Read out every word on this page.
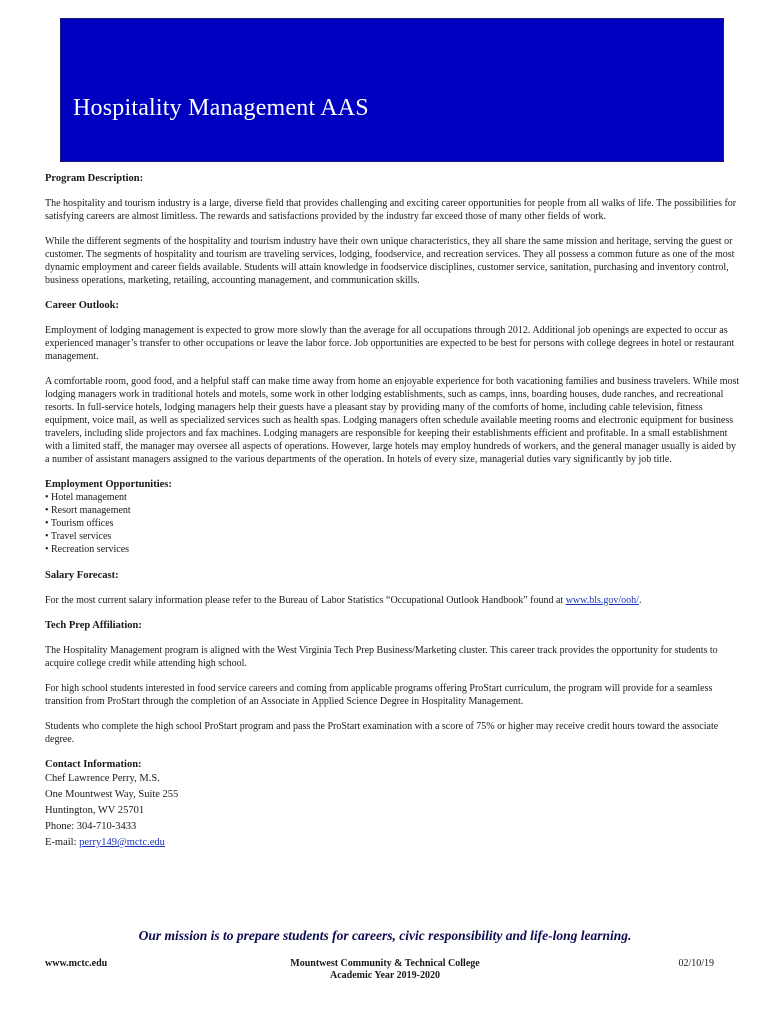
Hospitality Management AAS
Program Description:

The hospitality and tourism industry is a large, diverse field that provides challenging and exciting career opportunities for people from all walks of life. The possibilities for satisfying careers are almost limitless. The rewards and satisfactions provided by the industry far exceed those of many other fields of work.

While the different segments of the hospitality and tourism industry have their own unique characteristics, they all share the same mission and heritage, serving the guest or customer. The segments of hospitality and tourism are traveling services, lodging, foodservice, and recreation services. They all possess a common future as one of the most dynamic employment and career fields available. Students will attain knowledge in foodservice disciplines, customer service, sanitation, purchasing and inventory control, business operations, marketing, retailing, accounting management, and communication skills.

Career Outlook:

Employment of lodging management is expected to grow more slowly than the average for all occupations through 2012. Additional job openings are expected to occur as experienced manager’s transfer to other occupations or leave the labor force. Job opportunities are expected to be best for persons with college degrees in hotel or restaurant management.

A comfortable room, good food, and a helpful staff can make time away from home an enjoyable experience for both vacationing families and business travelers. While most lodging managers work in traditional hotels and motels, some work in other lodging establishments, such as camps, inns, boarding houses, dude ranches, and recreational resorts. In full-service hotels, lodging managers help their guests have a pleasant stay by providing many of the comforts of home, including cable television, fitness equipment, voice mail, as well as specialized services such as health spas. Lodging managers often schedule available meeting rooms and electronic equipment for business travelers, including slide projectors and fax machines. Lodging managers are responsible for keeping their establishments efficient and profitable. In a small establishment with a limited staff, the manager may oversee all aspects of operations. However, large hotels may employ hundreds of workers, and the general manager usually is aided by a number of assistant managers assigned to the various departments of the operation. In hotels of every size, managerial duties vary significantly by job title.

Employment Opportunities:
• Hotel management
• Resort management
• Tourism offices
• Travel services
• Recreation services
Salary Forecast:

For the most current salary information please refer to the Bureau of Labor Statistics “Occupational Outlook Handbook” found at www.bls.gov/ooh/.

Tech Prep Affiliation:

The Hospitality Management program is aligned with the West Virginia Tech Prep Business/Marketing cluster. This career track provides the opportunity for students to acquire college credit while attending high school.

For high school students interested in food service careers and coming from applicable programs offering ProStart curriculum, the program will provide for a seamless transition from ProStart through the completion of an Associate in Applied Science Degree in Hospitality Management.

Students who complete the high school ProStart program and pass the ProStart examination with a score of 75% or higher may receive credit hours toward the associate degree.

Contact Information:
Chef Lawrence Perry, M.S.
One Mountwest Way, Suite 255
Huntington, WV 25701
Phone: 304-710-3433
E-mail: perry149@mctc.edu
Our mission is to prepare students for careers, civic responsibility and life-long learning.
www.mctc.edu	Mountwest Community & Technical College
Academic Year 2019-2020
02/10/19
